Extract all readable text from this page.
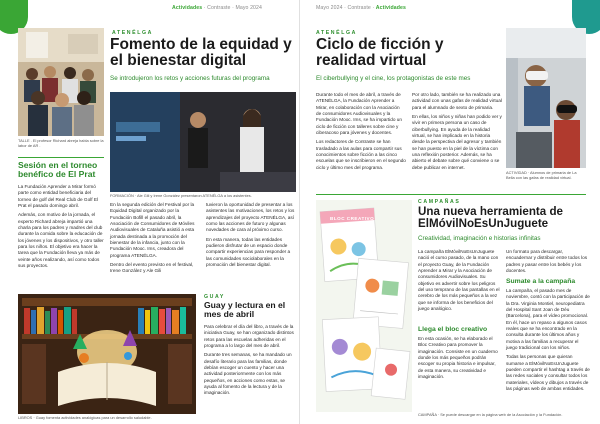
Actividades · Contraste · Mayo 2024
ATENÉLGA
Fomento de la equidad y el bienestar digital
Se introdujeron los retos y acciones futuras del programa
TALLE . El profesor Richard abreja habla sobre la labor de AR .
Sesión en el torneo benéfico de El Prat

La Fundación Aprender a Mirar formó parte como entidad beneficiaria del torneo de golf del Real Club de Golf El Prat el pasado domingo abril.

Además, con motivo de la jornada, el experto Richard abreja impartió una charla para los padres y madres del club durante la comida sobre la educación de los jóvenes y los dispositivos, y otro taller para los niños. El objetivo era hacer la tarea que la Fundación lleva ya más de veinte años realizando, así como todos sus proyectos.

FORMACIÓN · Ale Gili y Irene González presentaron ATENÉLGA a los asistentes.

En la segunda edición del Festival por la Equidad Digital organizado por la Fundación Bofill el pasado abril, la Asociación de Consumidores de Móviles Audiovisuales de Cataluña asistió a esta jornada destinada a la promoción del bienestar de la infancia, junto con la Fundación Mooc. Ims, creadora del programa ATENÉLGA.

Dentro del evento previsto en el festival, Irene González y Ale Gili

tuvieron la oportunidad de presentar a los asistentes las motivaciones, los retos y los aprendizajes del proyecto ATENÉLGA, así como las acciones de futuro y algunas novedades de cara al próximo curso.

En esta manera, todas las entidades pudieron disfrutar de un espacio donde compartir experiencias para responder a las comunidades sociolaborales en la promoción del bienestar digital.

LIBROS · Guay fomenta actividades analógicas para un desarrollo saludable.
GUAY
Guay y lectura en el mes de abril

Para celebrar el día del libro, a través de la iniciativa Guay, se han organizado distintos retos para las escuelas adheridas en el programa a lo largo del mes de abril.

Durante tres semanas, se ha mandado un desafío literario para las familias, donde debían escoger un cuento y hacer una actividad posteriormente con los más pequeños, en acciones como estas, se ayuda al fomento de la lectura y de la imaginación.

Mayo 2024 · Contraste · Actividades
ATENÉLGA
Ciclo de ficción y realidad virtual
El ciberbullying y el cine, los protagonistas de este mes

Durante todo el mes de abril, a través de ATENÉLGA, la Fundación Aprender a Mirar, en colaboración con la Asociación de consumidores Audiovisuales y la Fundación Mooc. Ims, se ha impartido un ciclo de ficción con talleres sobre cine y ciberacoso para jóvenes y docentes.

Los redactores de Contraste se han trasladado a las aulas para compartir sus conocimientos sobre ficción a las cinco escuelas que se inscribieron en el segundo ciclo y último mes del programa.

Por otro lado, también se ha realizado una actividad con unas gafas de realidad virtual para el alumnado de sexto de primaria.

En ellas, los niños y niñas han podido ver y vivir en primera persona un caso de ciberbullying. En ayuda de la realidad virtual, se han implicado en la historia desde la perspectiva del agresor y también se han puesto en la piel de la víctima con una reflexión posterior. Además, se ha abierto el debate sobre qué conviene o se debe publicar en internet.

ACTIVIDAD · Alumnos de primaria de La Bella con las gafas de realidad virtual.
BLOC CREATIVO
CAMPAÑA · Se puede descargar en la página web de la Asociación y la Fundación.
CAMPAÑAS
Una nueva herramienta de ElMóvilNoEsUnJuguete
Creatividad, imaginación e historias infinitas

La campaña ElMóvilNoEsUnJuguete nació el curso pasado, de la mano con el proyecto Guay, de la Fundación Aprender a Mirar y la Asociación de consumidores Audiovisuales. Su objetivo es advertir sobre los peligros del uso temprano de las pantallas en el cerebro de los más pequeños a la vez que se informa de los beneficios del juego analógico.

Llega el bloc creativo

En esta ocasión, se ha elaborado el Bloc Creativo para promover la imaginación. Consiste en un cuaderno donde los más pequeños podrán escoger su propia historia e impulsar, de esta manera, su creatividad e imaginación.

Un formato para descargar, encuadernar y distribuir entre todos los padres y pasar entre los bebés y los docentes.

Sumate a la campaña

La campaña, el pasado mes de noviembre, contó con la participación de la Dra. Virginia Montiel, neuropediatra del Hospital Sant Joan de Déu (Barcelona), para el vídeo promocional. En él, hace un repaso a algunos casos reales que se ha encontrado en la consulta durante los últimos años y motiva a las familias a recuperar el juego tradicional con los niños.

Todas las personas que quieran sumarse a ElMóvilNoEsUnJuguete pueden compartir el hashtag a través de las redes sociales y consultar todos los materiales, vídeos y dibujos a través de las páginas web de ambas entidades.
